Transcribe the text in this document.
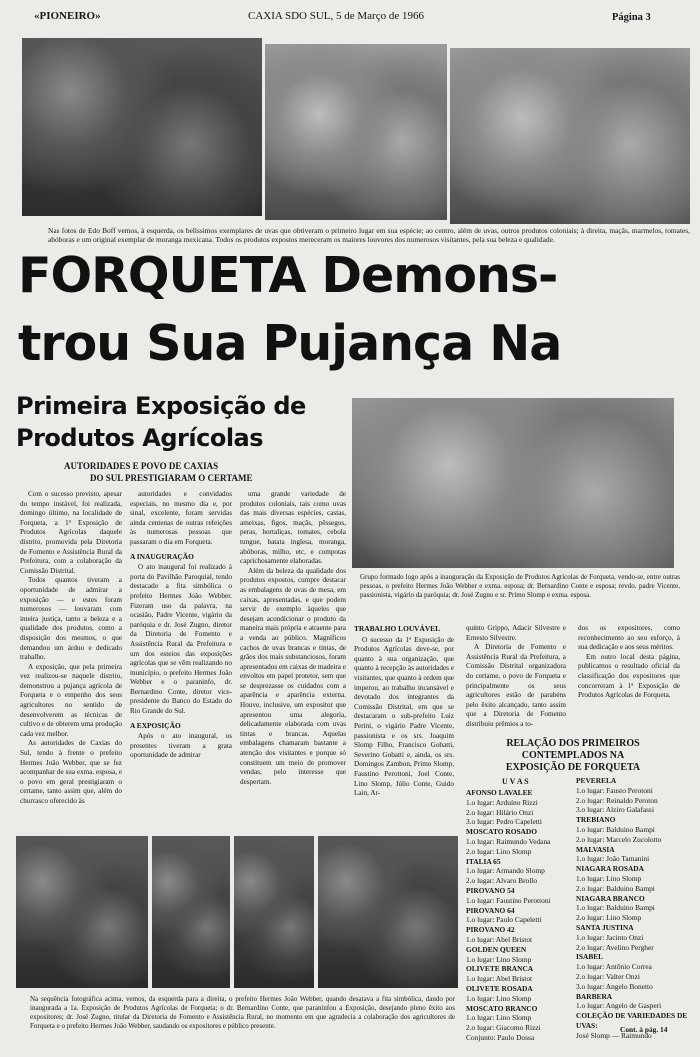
«PIONEIRO»	CAXIA SDO SUL, 5 de Março de 1966	Página 3
Nas fotos de Edo Boff vemos, à esquerda, os belíssimos exemplares de uvas que obtiveram o primeiro lugar em sua espécie; ao centro, além de uvas, outros produtos coloniais; à direita, maçãs, marmelos, tomates, abóboras e um original exemplar de moranga mexicana. Todos os produtos expostos mereceram os maiores louvores dos numerosos visitantes, pela sua beleza e qualidade.
FORQUETA Demons-
trou Sua Pujança Na
Primeira Exposição de
Produtos Agrícolas
AUTORIDADES E POVO DE CAXIAS
DO SUL PRESTIGIARAM O CERTAME
Grupo formado logo após a inauguração da Exposição de Produtos Agrícolas de Forqueta, vendo-se, entre outras pessoas, o prefeito Hermes João Webber e exma. esposa; dr. Bernardino Conte e esposa; revdo. padre Vicente, passionista, vigário da paróquia; dr. José Zugno e sr. Primo Slomp e exma. esposa.

Com o sucesso previsto, apesar do tempo instável, foi realizada, domingo último, na localidade de Forqueta, a 1ª Exposição de Produtos Agrícolas daquele distrito, promovida pela Diretoria de Fomento e Assistência Rural da Prefeitura, com a colaboração da Comissão Distrital.

Todos quantos tiveram a oportunidade de admirar a exposição — e estes foram numerosos — louvaram com inteira justiça, tanto a beleza e a qualidade dos produtos, como a disposição dos mesmos, o que demandou um árduo e dedicado trabalho.

A exposição, que pela primeira vez realizou-se naquele distrito, demonstrou a pujança agrícola de Forqueta e o empenho dos seus agricultores no sentido de desenvolverem as técnicas de cultivo e de obterem uma produção cada vez melhor.

As autoridades de Caxias do Sul, tendo à frente o prefeito Hermes João Webber, que se fez acompanhar de sua exma. esposa, e o povo em geral prestigiaram o certame, tanto assim que, além do churrasco oferecido às

autoridades e convidados especiais, no mesmo dia e, por sinal, excelente, foram servidas ainda centenas de outras refeições às numerosas pessoas que passaram o dia em Forqueta.

A INAUGURAÇÃO

O ato inaugural foi realizado à porta do Pavilhão Paroquial, tendo destacado a fita simbólica o prefeito Hermes João Webber. Fizeram uso da palavra, na ocasião, Padre Vicente, vigário da paróquia e dr. José Zugno, diretor da Diretoria de Fomento e Assistência Rural da Prefeitura e um dos esteios das exposições agrícolas que se vêm realizando no município, o prefeito Hermes João Webber e o paraninfo, dr. Bernardino Conte, diretor vice-presidente do Banco do Estado do Rio Grande do Sul.

A EXPOSIÇÃO

Após o ato inaugural, os presentes tiveram a grata oportunidade de admirar

uma grande variedade de produtos coloniais, tais como uvas das mais diversas espécies, castas, ameixas, figos, maçãs, pêssegos, peras, hortaliças, tomates, cebola tungue, batata inglesa, moranga, abóboras, milho, etc, e compotas caprichosamente elaboradas.

Além da beleza da qualidade dos produtos expostos, cumpre destacar as embalagens de uvas de mesa, em caixas, apresentadas, e que podem servir de exemplo àqueles que desejam acondicionar o produto da maneira mais própria e atraente para a venda ao público. Magníficos cachos de uvas brancas e tintas, de grãos dos mais substanciosos, foram apresentados em caixas de madeira e envoltos em papel protetor, sem que se desprezasse os cuidados com a aparência e aparência externa. Houve, inclusive, um expositor que apresentou uma alegoria, delicadamente elaborada com uvas tintas e brancas. Aquelas embalagens chamaram bastante a atenção dos visitantes e porque só constituem um meio de promover vendas, pelo interesse que despertam.

TRABALHO LOUVÁVEL

O sucesso da 1ª Exposição de Produtos Agrícolas deve-se, por quanto à sua organização, que quanto à recepção às autoridades e visitantes, que quanto à ordem que imperou, ao trabalho incansável e devotado dos integrantes da Comissão Distrital, em que se destacaram o sub-prefeito Luiz Perini, o vigário Padre Vicente, passionista e os srs. Joaquim Slomp Filho, Francisco Gobatti, Severino Gobatti e, ainda, os srs. Domingos Zambon, Primo Slomp, Faustino Perottoni, Joel Conte, Lino Slomp, Júlio Conte, Guido Lain, Ar-

quinto Grippo, Adacir Silvestre e Ernesto Silvestre.

A Diretoria de Fomento e Assistência Rural da Prefeitura, a Comissão Distrital organizadora do certame, o povo de Forqueta e principalmente os seus agricultores estão de parabéns pelo êxito alcançado, tanto assim que a Diretoria de Fomento distribuiu prêmios a to-

dos os expositores, como reconhecimento ao seu esforço, à sua dedicação e aos seus méritos.

Em outro local desta página, publicamos o resultado oficial da classificação dos expositores que concorreram à 1ª Exposição de Produtos Agrícolas de Forqueta.

RELAÇÃO DOS PRIMEIROS
CONTEMPLADOS NA
EXPOSIÇÃO DE FORQUETA
U V A S
AFONSO LAVALEE
1.o lugar: Arduíno Rizzi
2.o lugar: Hilário Onzi
3.o lugar: Pedro Capeletti
MOSCATO ROSADO
1.o lugar: Raimundo Vedana
2.o lugar: Lino Slomp
ITALIA 65
1.o lugar: Armando Slomp
2.o lugar: Alvaro Brollo
PIROVANO 54
1.o lugar: Faustino Perottoni
PIROVANO 64
1.o lugar: Paulo Capeletti
PIROVANO 42
1.o lugar: Abel Bristot
GOLDEN QUEEN
1.o lugar: Lino Slomp
OLIVETE BRANCA
1.o lugar: Abel Bristot
OLIVETE ROSADA
1.o lugar: Lino Slomp
MOSCATO BRANCO
1.o lugar: Lino Slomp
2.o lugar: Giacomo Rizzi
Conjunto: Paulo Dossa
PEVERELA
1.o lugar: Fausto Perotoni
2.o lugar: Reinaldo Peroton
3.o lugar: Alziro Galafassi
TREBIANO
1.o lugar: Balduino Bampi
2.o lugar: Marcelo Zucolotto
MALVASIA
1.o lugar: João Tamanini
NIAGARA ROSADA
1.o lugar: Lino Slomp
2.o lugar: Balduino Bampi
NIAGARA BRANCO
1.o lugar: Balduino Bampi
2.o lugar: Lino Slomp
SANTA JUSTINA
1.o lugar: Jacinto Onzi
2.o lugar: Avelino Pergher
ISABEL
1.o lugar: Antônio Correa
2.o lugar: Valter Onzi
3.o lugar: Angelo Bonetto
BARBERA
1.o lugar: Angelo de Gasperi
COLEÇÃO DE VARIEDADES DE UVAS:
José Slomp — Raimundo
Cont. à pág. 14
Na sequência fotográfica acima, vemos, da esquerda para a direita, o prefeito Hermes João Webber, quando desatava a fita simbólica, dando por inaugurada a 1a. Exposição de Produtos Agrícolas de Forqueta; o dr. Bernardino Conte, que paraninfou a Exposição, desejando pleno êxito aos expositores; dr. José Zugno, titular da Diretoria de Fomento e Assistência Rural, no momento em que agradecia a colaboração dos agricultores de Forqueta e o prefeito Hermes João Webber, saudando os expositores e público presente.
